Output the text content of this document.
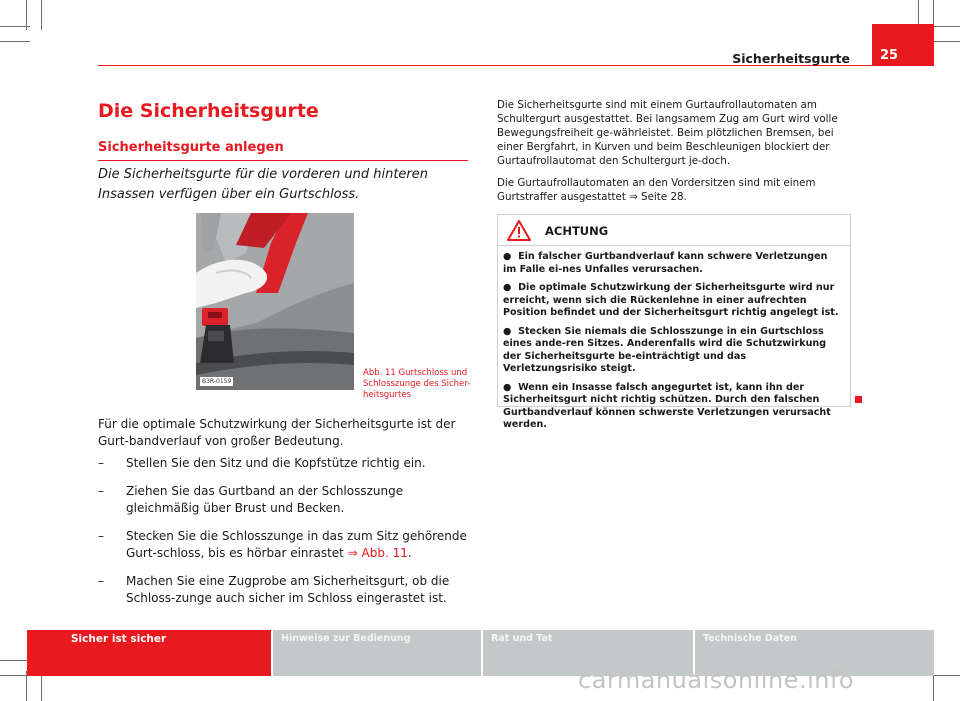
Sicherheitsgurte 25
Die Sicherheitsgurte
Sicherheitsgurte anlegen

Die Sicherheitsgurte für die vorderen und hinteren Insassen verfügen über ein Gurtschloss.

B3R-0159
Abb. 11 Gurtschloss und Schlosszunge des Sicher-heitsgurtes

Für die optimale Schutzwirkung der Sicherheitsgurte ist der Gurt-bandverlauf von großer Bedeutung.

– Stellen Sie den Sitz und die Kopfstütze richtig ein.
– Ziehen Sie das Gurtband an der Schlosszunge gleichmäßig über Brust und Becken.
– Stecken Sie die Schlosszunge in das zum Sitz gehörende Gurt-schloss, bis es hörbar einrastet ⇒ Abb. 11.
– Machen Sie eine Zugprobe am Sicherheitsgurt, ob die Schloss-zunge auch sicher im Schloss eingerastet ist.

Die Sicherheitsgurte sind mit einem Gurtaufrollautomaten am Schultergurt ausgestattet. Bei langsamem Zug am Gurt wird volle Bewegungsfreiheit ge-währleistet. Beim plötzlichen Bremsen, bei einer Bergfahrt, in Kurven und beim Beschleunigen blockiert der Gurtaufrollautomat den Schultergurt je-doch.

Die Gurtaufrollautomaten an den Vordersitzen sind mit einem Gurtstraffer ausgestattet ⇒ Seite 28.

ACHTUNG
●  Ein falscher Gurtbandverlauf kann schwere Verletzungen im Falle ei-nes Unfalles verursachen.
●  Die optimale Schutzwirkung der Sicherheitsgurte wird nur erreicht, wenn sich die Rückenlehne in einer aufrechten Position befindet und der Sicherheitsgurt richtig angelegt ist.
●  Stecken Sie niemals die Schlosszunge in ein Gurtschloss eines ande-ren Sitzes. Anderenfalls wird die Schutzwirkung der Sicherheitsgurte be-einträchtigt und das Verletzungsrisiko steigt.
●  Wenn ein Insasse falsch angegurtet ist, kann ihn der Sicherheitsgurt nicht richtig schützen. Durch den falschen Gurtbandverlauf können schwerste Verletzungen verursacht werden.
Sicher ist sicher	Hinweise zur Bedienung	Rat und Tat	Technische Daten
carmanualsonline.info
